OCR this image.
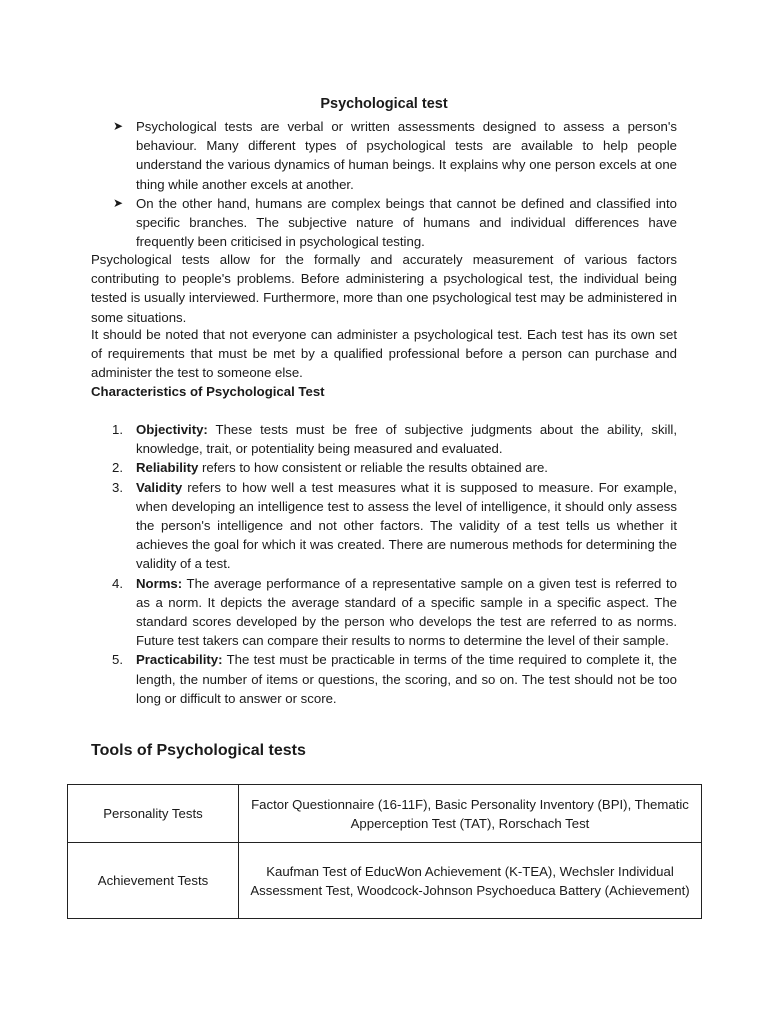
Psychological test
➤ Psychological tests are verbal or written assessments designed to assess a person's behaviour. Many different types of psychological tests are available to help people understand the various dynamics of human beings. It explains why one person excels at one thing while another excels at another.
➤ On the other hand, humans are complex beings that cannot be defined and classified into specific branches. The subjective nature of humans and individual differences have frequently been criticised in psychological testing.
Psychological tests allow for the formally and accurately measurement of various factors contributing to people's problems. Before administering a psychological test, the individual being tested is usually interviewed. Furthermore, more than one psychological test may be administered in some situations.
It should be noted that not everyone can administer a psychological test. Each test has its own set of requirements that must be met by a qualified professional before a person can purchase and administer the test to someone else.
Characteristics of Psychological Test
1. Objectivity: These tests must be free of subjective judgments about the ability, skill, knowledge, trait, or potentiality being measured and evaluated.
2. Reliability refers to how consistent or reliable the results obtained are.
3. Validity refers to how well a test measures what it is supposed to measure. For example, when developing an intelligence test to assess the level of intelligence, it should only assess the person's intelligence and not other factors. The validity of a test tells us whether it achieves the goal for which it was created. There are numerous methods for determining the validity of a test.
4. Norms: The average performance of a representative sample on a given test is referred to as a norm. It depicts the average standard of a specific sample in a specific aspect. The standard scores developed by the person who develops the test are referred to as norms. Future test takers can compare their results to norms to determine the level of their sample.
5. Practicability: The test must be practicable in terms of the time required to complete it, the length, the number of items or questions, the scoring, and so on. The test should not be too long or difficult to answer or score.
Tools of Psychological tests
Personality Tests	Factor Questionnaire (16-11F), Basic Personality Inventory (BPI), Thematic Apperception Test (TAT), Rorschach Test
Achievement Tests	Kaufman Test of EducWon Achievement (K-TEA), Wechsler Individual Assessment Test, Woodcock-Johnson Psychoeduca Battery (Achievement)
